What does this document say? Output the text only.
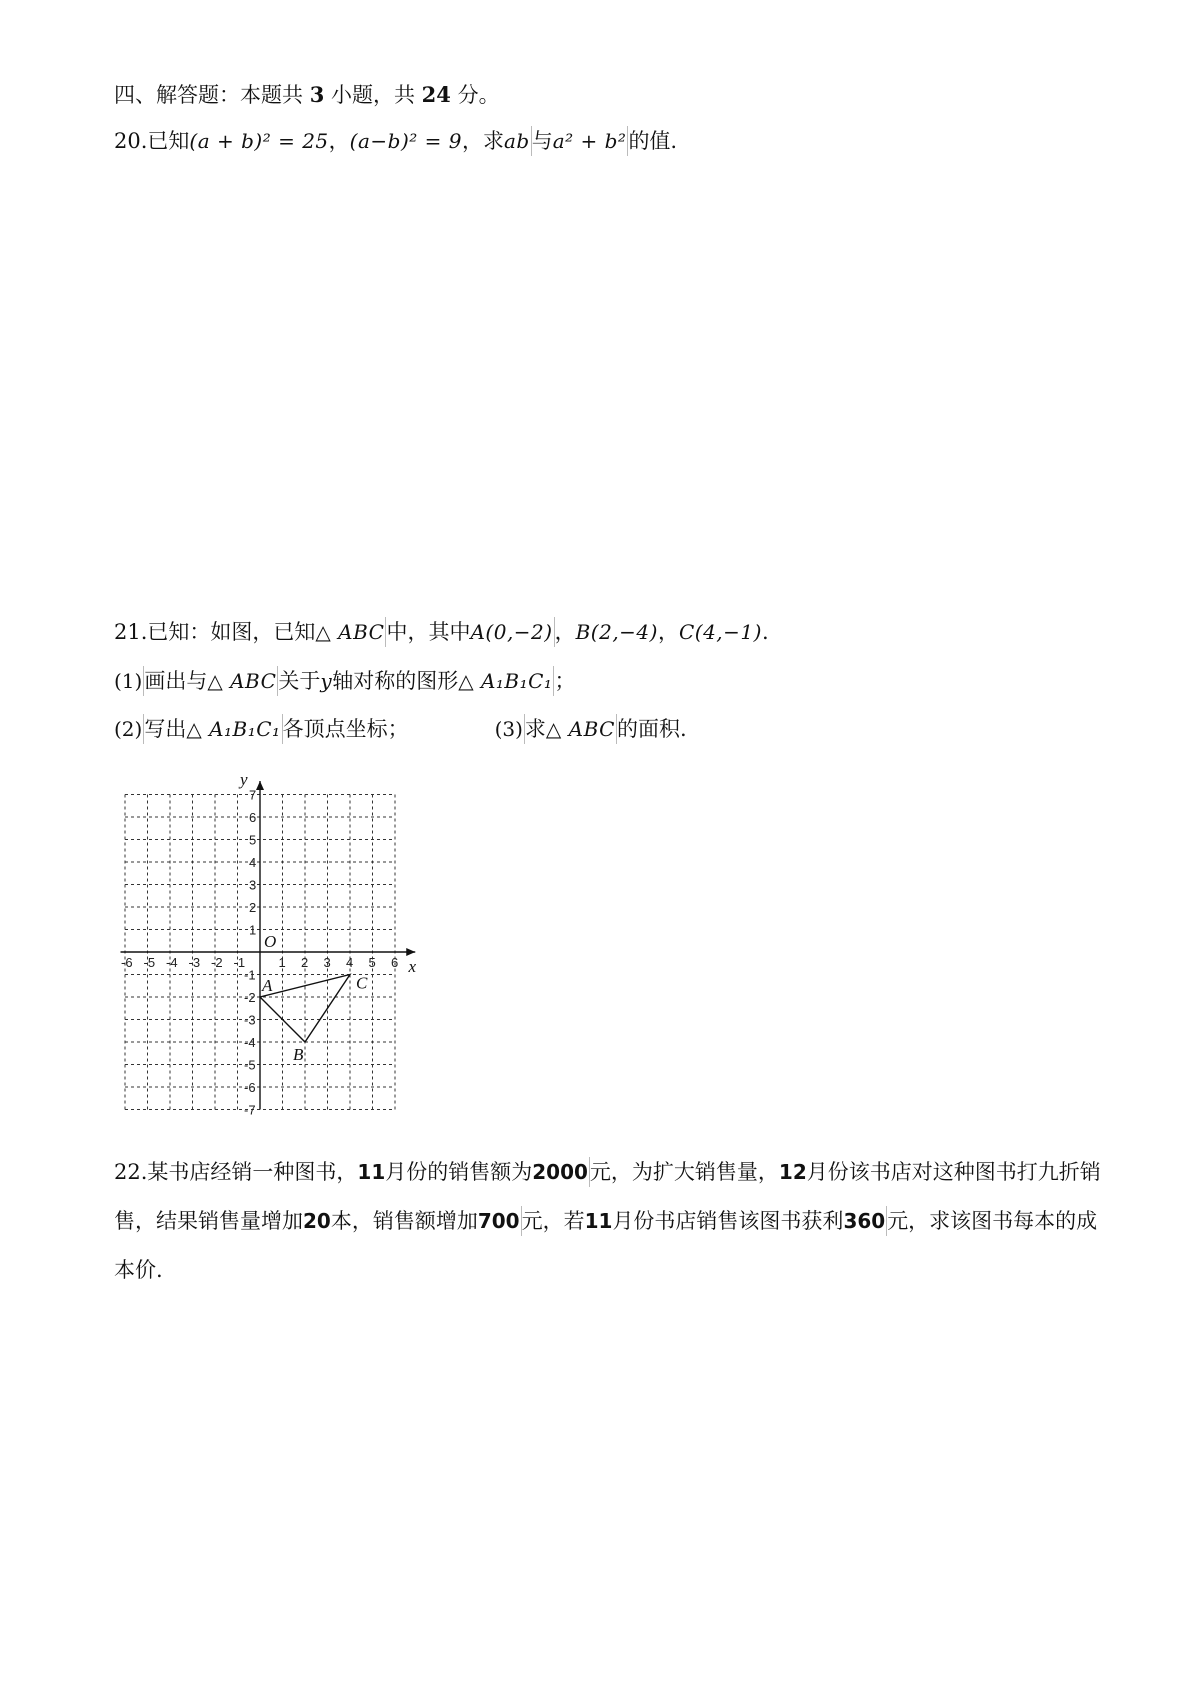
四、解答题：本题共 3 小题，共 24 分。
20.已知(a + b)² = 25，(a−b)² = 9，求ab与a² + b²的值.
21.已知：如图，已知△ ABC中，其中A(0,−2)，B(2,−4)，C(4,−1).
(1)画出与△ ABC关于y轴对称的图形△ A₁B₁C₁；
(2)写出△ A₁B₁C₁各顶点坐标；	(3)求△ ABC的面积.
-6 -5 -4 -3 -2 -1	1 2 3 4 5 6
7
6
5
4
3
2
1
-1
-2
-3
-4
-5
-6
-7
A
B
C
x
y
O
22.某书店经销一种图书，11月份的销售额为2000元，为扩大销售量，12月份该书店对这种图书打九折销
售，结果销售量增加20本，销售额增加700元，若11月份书店销售该图书获利360元，求该图书每本的成
本价.
